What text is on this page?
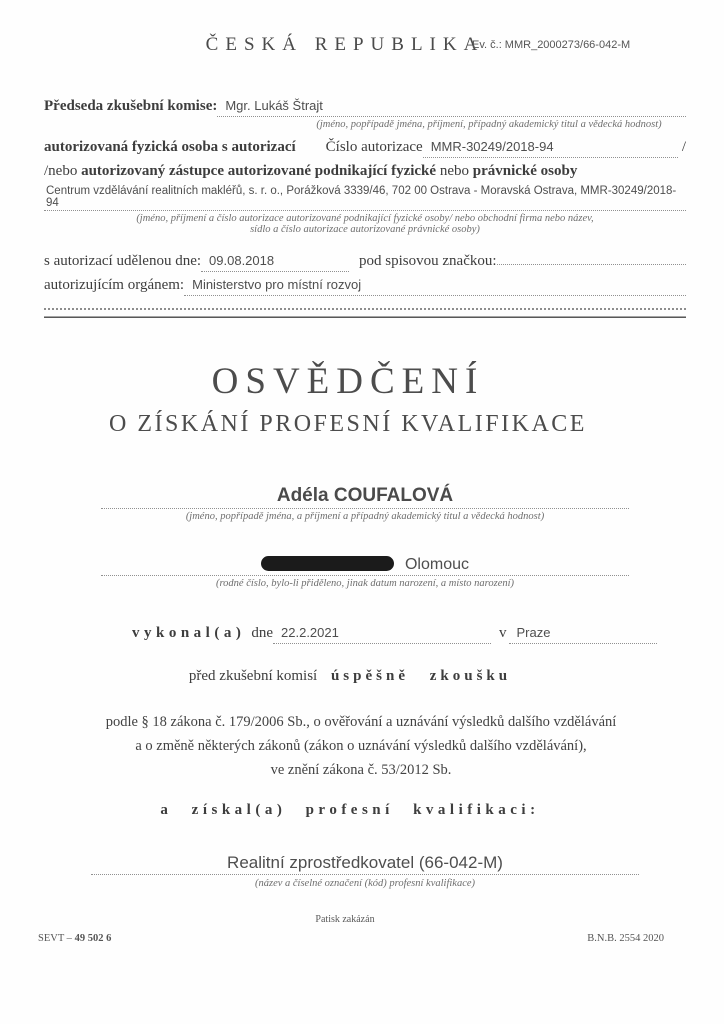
ČESKÁ REPUBLIKA
Ev. č.: MMR_2000273/66-042-M
Předseda zkušební komise: Mgr. Lukáš Štrajt
(jméno, popřípadě jména, příjmení, případný akademický titul a vědecká hodnost)
autorizovaná fyzická osoba s autorizací Číslo autorizace MMR-30249/2018-94	/
/nebo autorizovaný zástupce autorizované podnikající fyzické nebo právnické osoby
Centrum vzdělávání realitních makléřů, s. r. o., Porážková 3339/46, 702 00 Ostrava - Moravská Ostrava, MMR-30249/2018-94
(jméno, příjmení a číslo autorizace autorizované podnikající fyzické osoby/ nebo obchodní firma nebo název,
sídlo a číslo autorizace autorizované právnické osoby)
s autorizací udělenou dne: 09.08.2018	pod spisovou značkou:
autorizujícím orgánem: Ministerstvo pro místní rozvoj
OSVĚDČENÍ
O ZÍSKÁNÍ PROFESNÍ KVALIFIKACE
Adéla COUFALOVÁ
(jméno, popřípadě jména, a příjmení a případný akademický titul a vědecká hodnost)
Olomouc
(rodné číslo, bylo-li přiděleno, jinak datum narození, a místo narození)
vykonal(a) dne 22.2.2021	v Praze
před zkušební komisí úspěšně zkoušku
podle § 18 zákona č. 179/2006 Sb., o ověřování a uznávání výsledků dalšího vzdělávání
a o změně některých zákonů (zákon o uznávání výsledků dalšího vzdělávání),
ve znění zákona č. 53/2012 Sb.
a získal(a) profesní kvalifikaci:
Realitní zprostředkovatel (66-042-M)
(název a číselné označení (kód) profesní kvalifikace)
Patisk zakázán
SEVT – 49 502 6	B.N.B. 2554 2020
